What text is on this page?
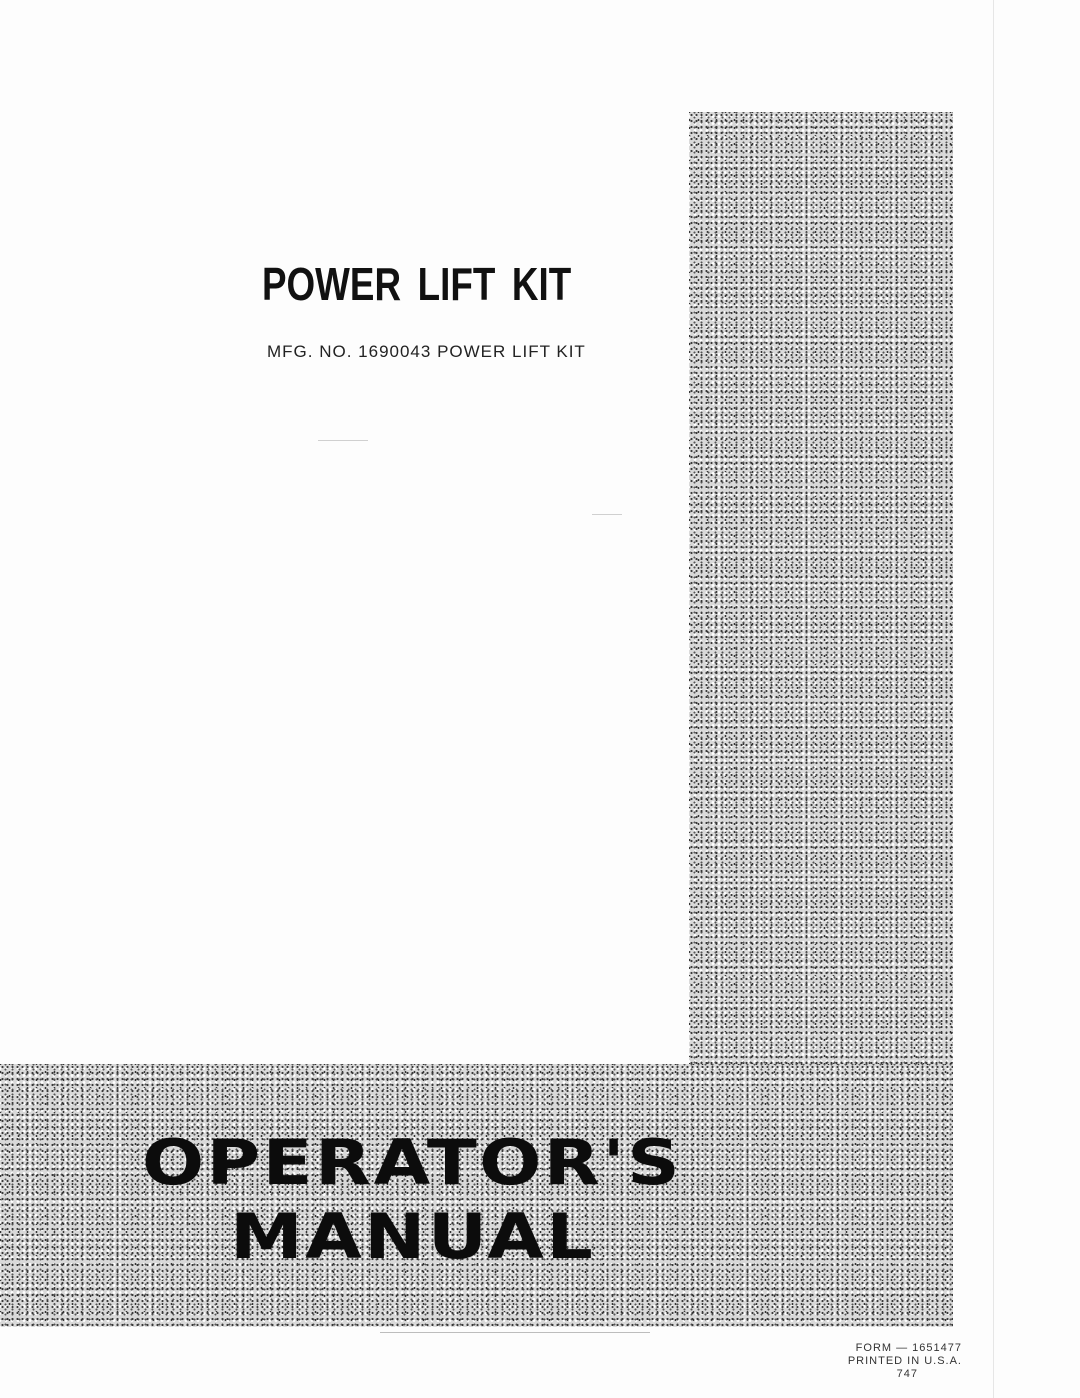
POWER LIFT KIT
MFG. NO. 1690043 POWER LIFT KIT
OPERATOR'S
MANUAL
FORM — 1651477
PRINTED IN U.S.A.
747
